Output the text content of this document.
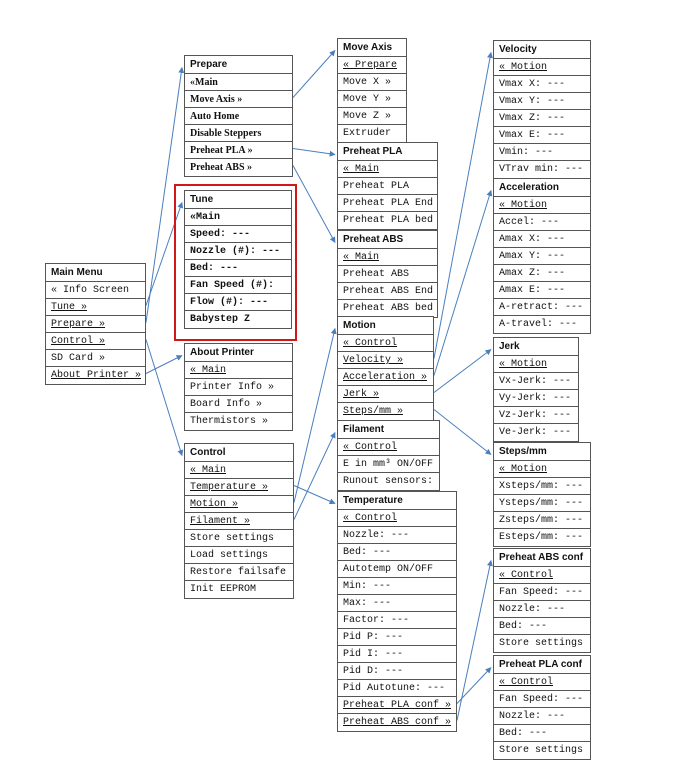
Main Menu
« Info Screen
Tune »
Prepare »
Control »
SD Card »
About Printer »
Prepare
«Main
Move Axis »
Auto Home
Disable Steppers
Preheat PLA »
Preheat ABS »
Tune
«Main
Speed: ---
Nozzle (#): ---
Bed: ---
Fan Speed (#):
Flow (#): ---
Babystep Z
About Printer
« Main
Printer Info »
Board Info »
Thermistors »
Control
« Main
Temperature »
Motion »
Filament »
Store settings
Load settings
Restore failsafe
Init EEPROM
Move Axis
« Prepare
Move X »
Move Y »
Move Z »
Extruder
Preheat PLA
« Main
Preheat PLA
Preheat PLA End
Preheat PLA bed
Preheat ABS
« Main
Preheat ABS
Preheat ABS End
Preheat ABS bed
Motion
« Control
Velocity »
Acceleration »
Jerk »
Steps/mm »
Filament
« Control
E in mm³ ON/OFF
Runout sensors:
Temperature
« Control
Nozzle: ---
Bed: ---
Autotemp ON/OFF
Min: ---
Max: ---
Factor: ---
Pid P: ---
Pid I: ---
Pid D: ---
Pid Autotune: ---
Preheat PLA conf »
Preheat ABS conf »
Velocity
« Motion
Vmax X: ---
Vmax Y: ---
Vmax Z: ---
Vmax E: ---
Vmin: ---
VTrav min: ---
Acceleration
« Motion
Accel: ---
Amax X: ---
Amax Y: ---
Amax Z: ---
Amax E: ---
A-retract: ---
A-travel: ---
Jerk
« Motion
Vx-Jerk: ---
Vy-Jerk: ---
Vz-Jerk: ---
Ve-Jerk: ---
Steps/mm
« Motion
Xsteps/mm: ---
Ysteps/mm: ---
Zsteps/mm: ---
Esteps/mm: ---
Preheat ABS conf
« Control
Fan Speed: ---
Nozzle: ---
Bed: ---
Store settings
Preheat PLA conf
« Control
Fan Speed: ---
Nozzle: ---
Bed: ---
Store settings
